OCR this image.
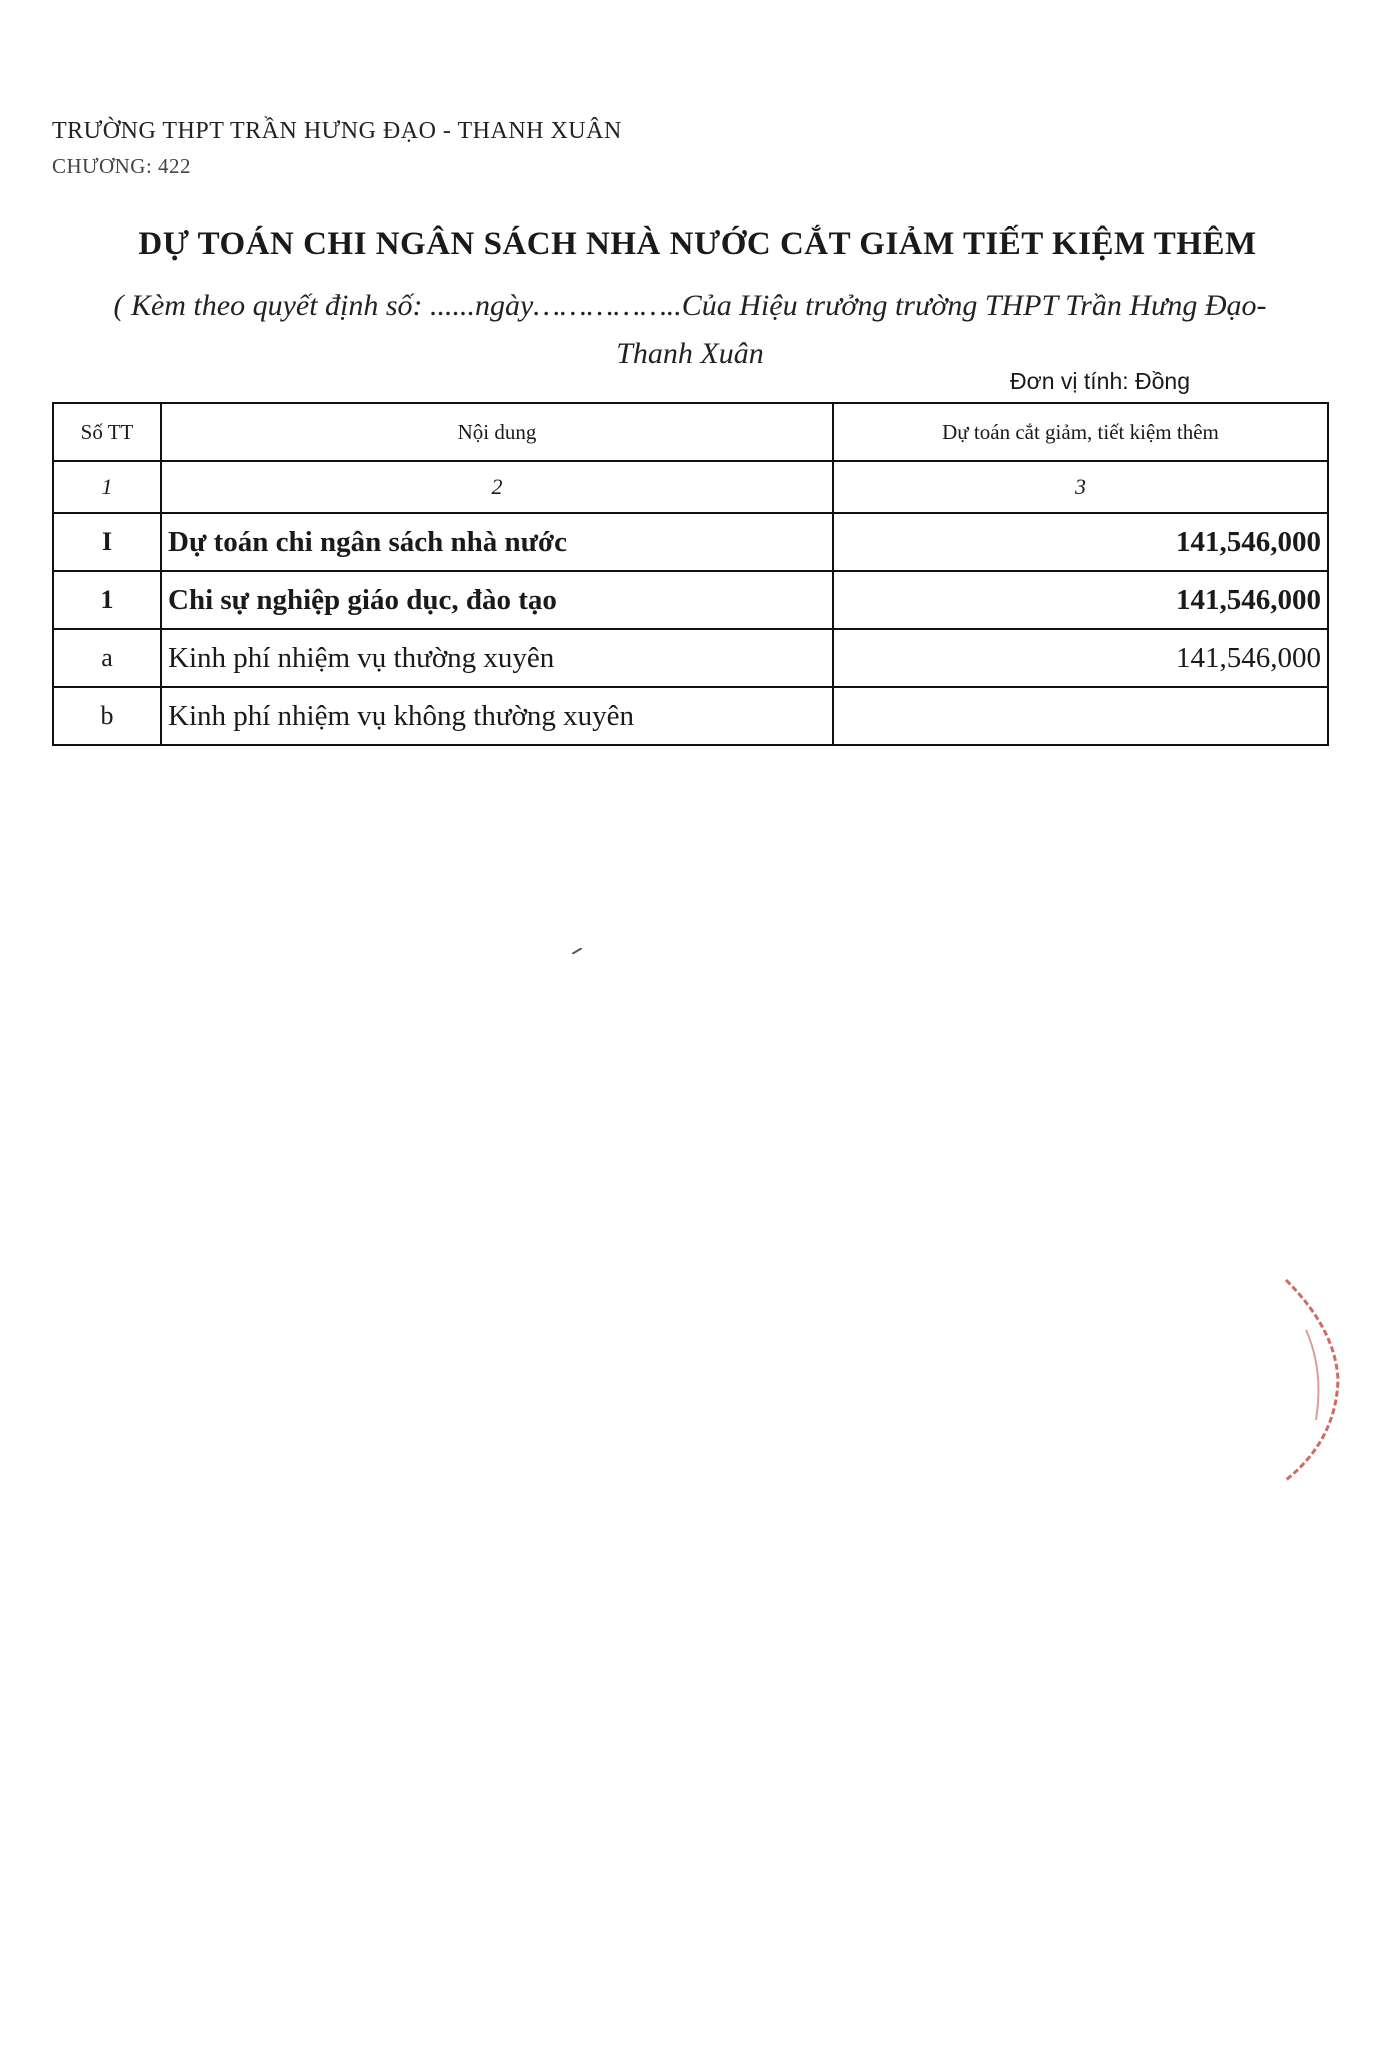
TRƯỜNG THPT TRẦN HƯNG ĐẠO - THANH XUÂN
CHƯƠNG: 422
DỰ TOÁN CHI NGÂN SÁCH NHÀ NƯỚC CẮT GIẢM TIẾT KIỆM THÊM
( Kèm theo quyết định số: ......ngày……………..Của Hiệu trưởng trường THPT Trần Hưng Đạo-
Thanh Xuân
Đơn vị tính: Đồng
Số TT	Nội dung	Dự toán cắt giảm, tiết kiệm thêm
1	2	3
I	Dự toán chi ngân sách nhà nước	141,546,000
1	Chi sự nghiệp giáo dục, đào tạo	141,546,000
a	Kinh phí nhiệm vụ thường xuyên	141,546,000
b	Kinh phí nhiệm vụ không thường xuyên	
